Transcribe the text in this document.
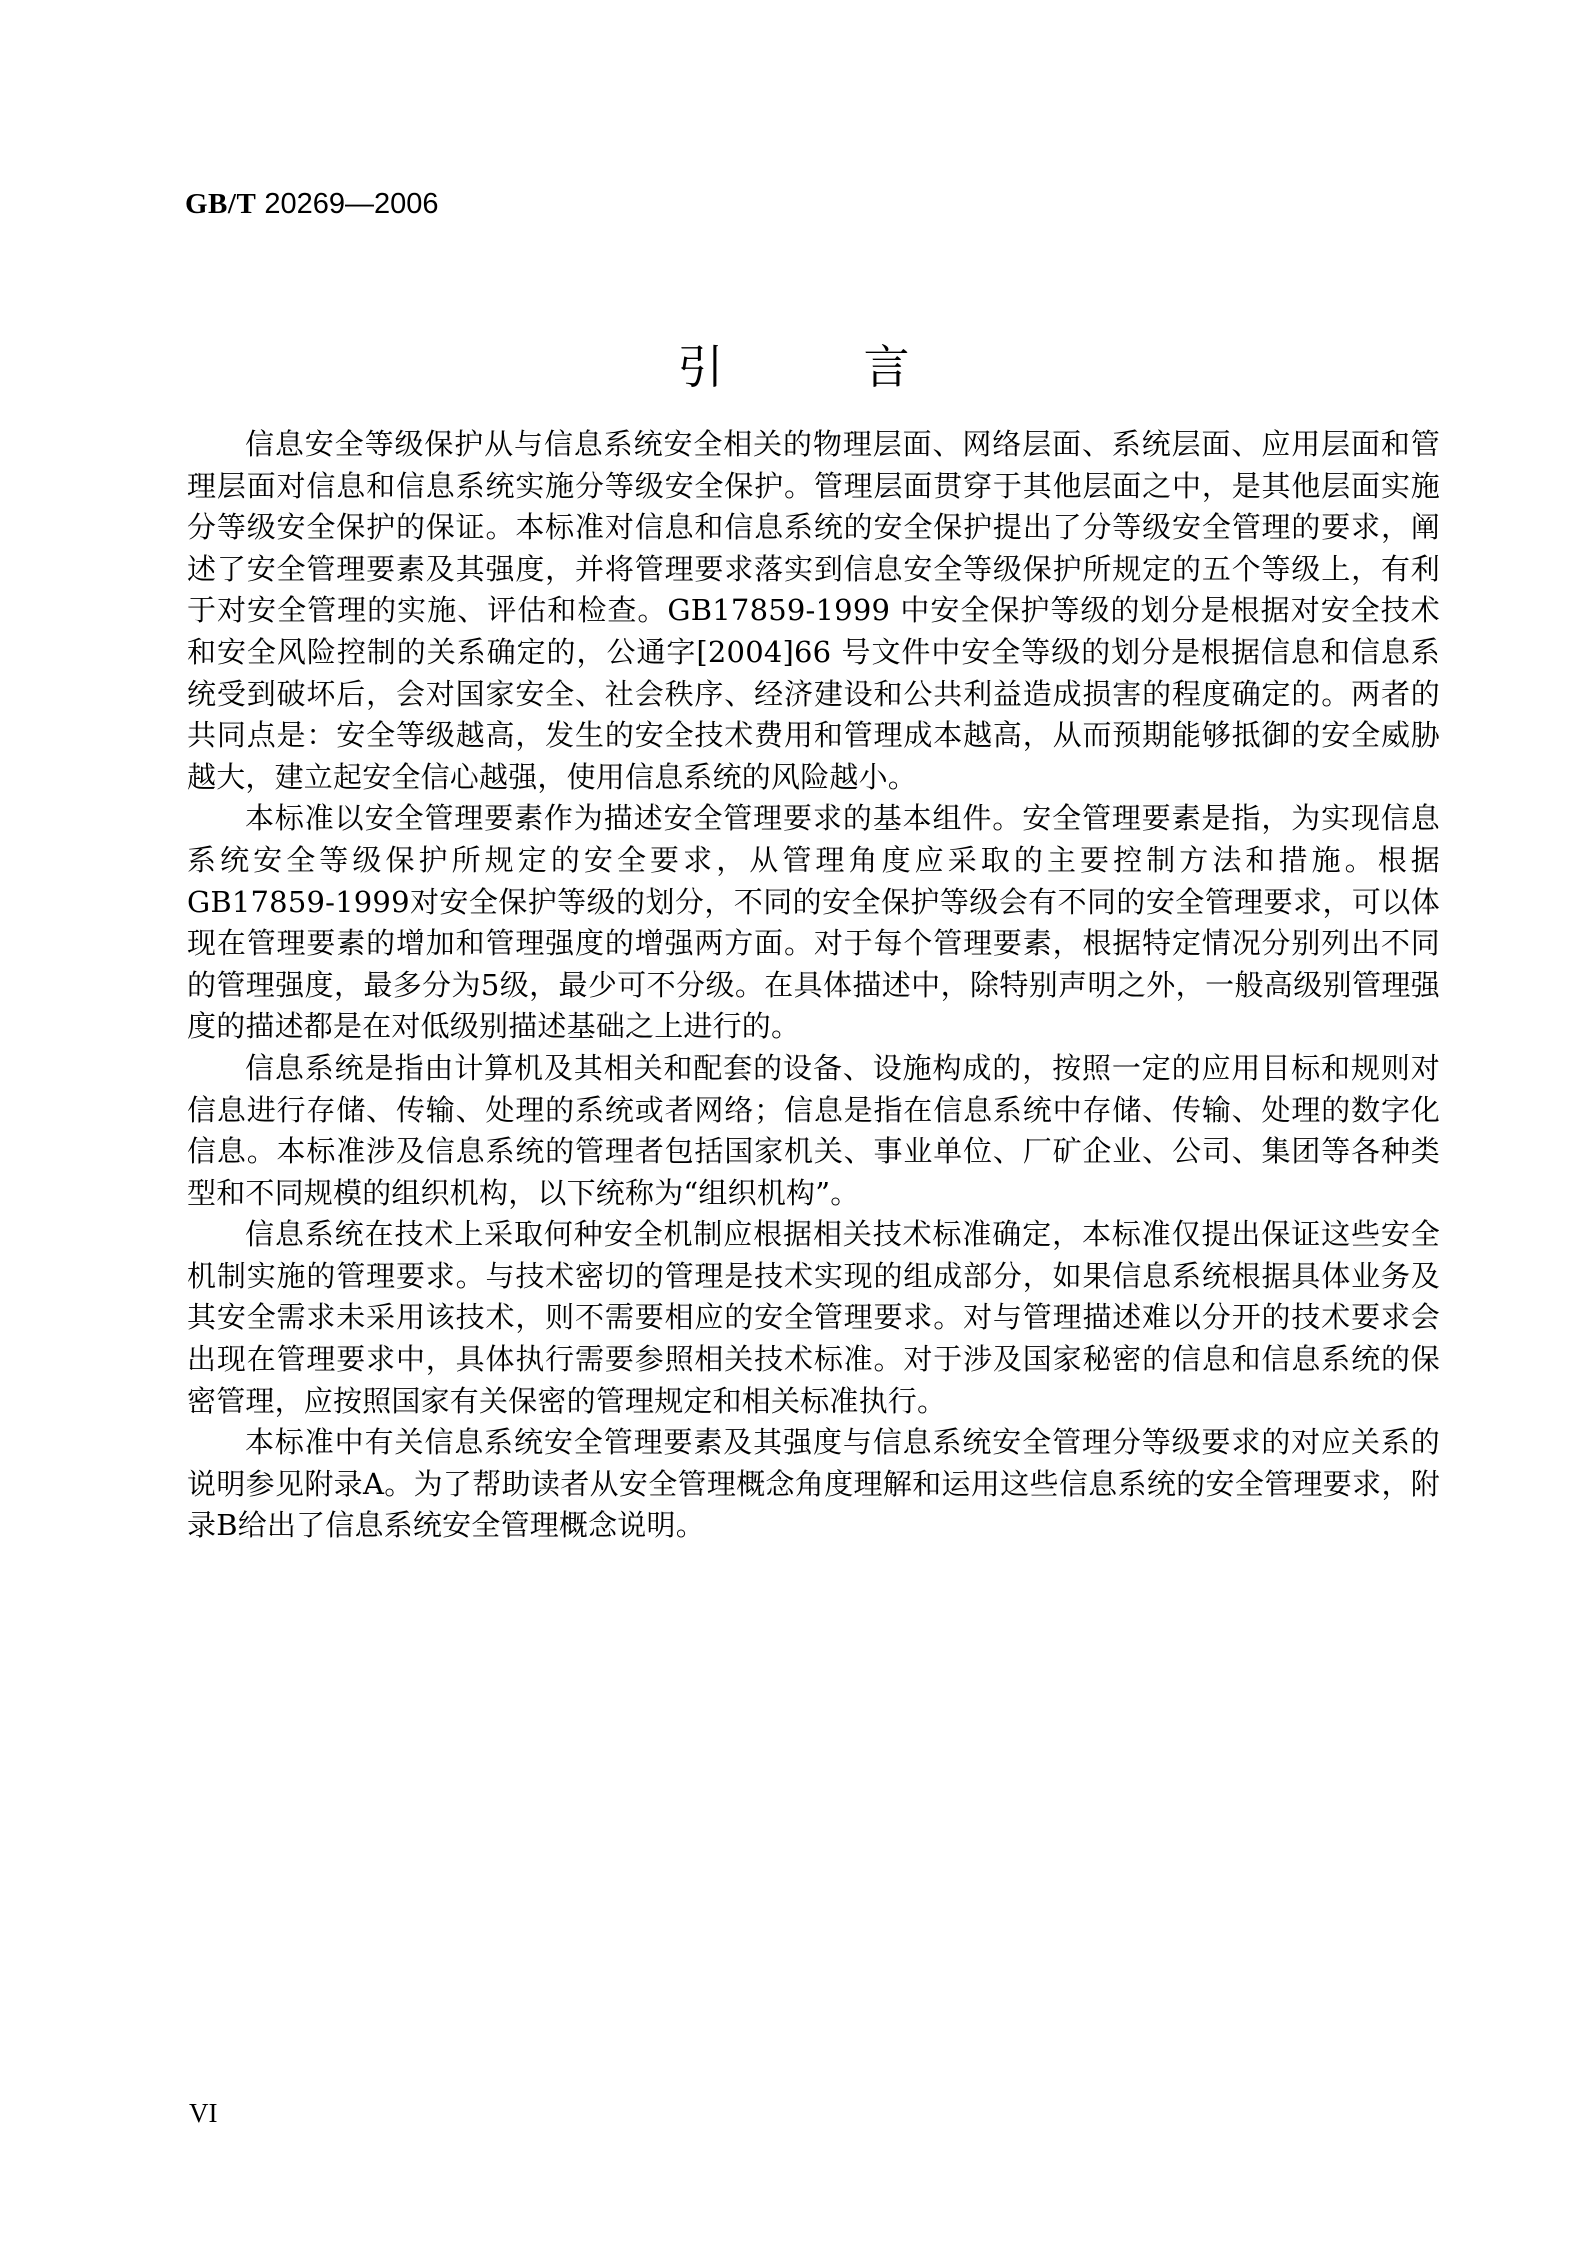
GB/T 20269—2006
引	言

信息安全等级保护从与信息系统安全相关的物理层面、网络层面、系统层面、应用层面和管理层面对信息和信息系统实施分等级安全保护。管理层面贯穿于其他层面之中，是其他层面实施分等级安全保护的保证。本标准对信息和信息系统的安全保护提出了分等级安全管理的要求，阐述了安全管理要素及其强度，并将管理要求落实到信息安全等级保护所规定的五个等级上，有利于对安全管理的实施、评估和检查。GB17859-1999 中安全保护等级的划分是根据对安全技术和安全风险控制的关系确定的，公通字[2004]66 号文件中安全等级的划分是根据信息和信息系统受到破坏后，会对国家安全、社会秩序、经济建设和公共利益造成损害的程度确定的。两者的共同点是：安全等级越高，发生的安全技术费用和管理成本越高，从而预期能够抵御的安全威胁越大，建立起安全信心越强，使用信息系统的风险越小。

本标准以安全管理要素作为描述安全管理要求的基本组件。安全管理要素是指，为实现信息系统安全等级保护所规定的安全要求，从管理角度应采取的主要控制方法和措施。根据GB17859-1999对安全保护等级的划分，不同的安全保护等级会有不同的安全管理要求，可以体现在管理要素的增加和管理强度的增强两方面。对于每个管理要素，根据特定情况分别列出不同的管理强度，最多分为5级，最少可不分级。在具体描述中，除特别声明之外，一般高级别管理强度的描述都是在对低级别描述基础之上进行的。

信息系统是指由计算机及其相关和配套的设备、设施构成的，按照一定的应用目标和规则对信息进行存储、传输、处理的系统或者网络；信息是指在信息系统中存储、传输、处理的数字化信息。本标准涉及信息系统的管理者包括国家机关、事业单位、厂矿企业、公司、集团等各种类型和不同规模的组织机构，以下统称为“组织机构”。

信息系统在技术上采取何种安全机制应根据相关技术标准确定，本标准仅提出保证这些安全机制实施的管理要求。与技术密切的管理是技术实现的组成部分，如果信息系统根据具体业务及其安全需求未采用该技术，则不需要相应的安全管理要求。对与管理描述难以分开的技术要求会出现在管理要求中，具体执行需要参照相关技术标准。对于涉及国家秘密的信息和信息系统的保密管理，应按照国家有关保密的管理规定和相关标准执行。

本标准中有关信息系统安全管理要素及其强度与信息系统安全管理分等级要求的对应关系的说明参见附录A。为了帮助读者从安全管理概念角度理解和运用这些信息系统的安全管理要求，附录B给出了信息系统安全管理概念说明。

VI
